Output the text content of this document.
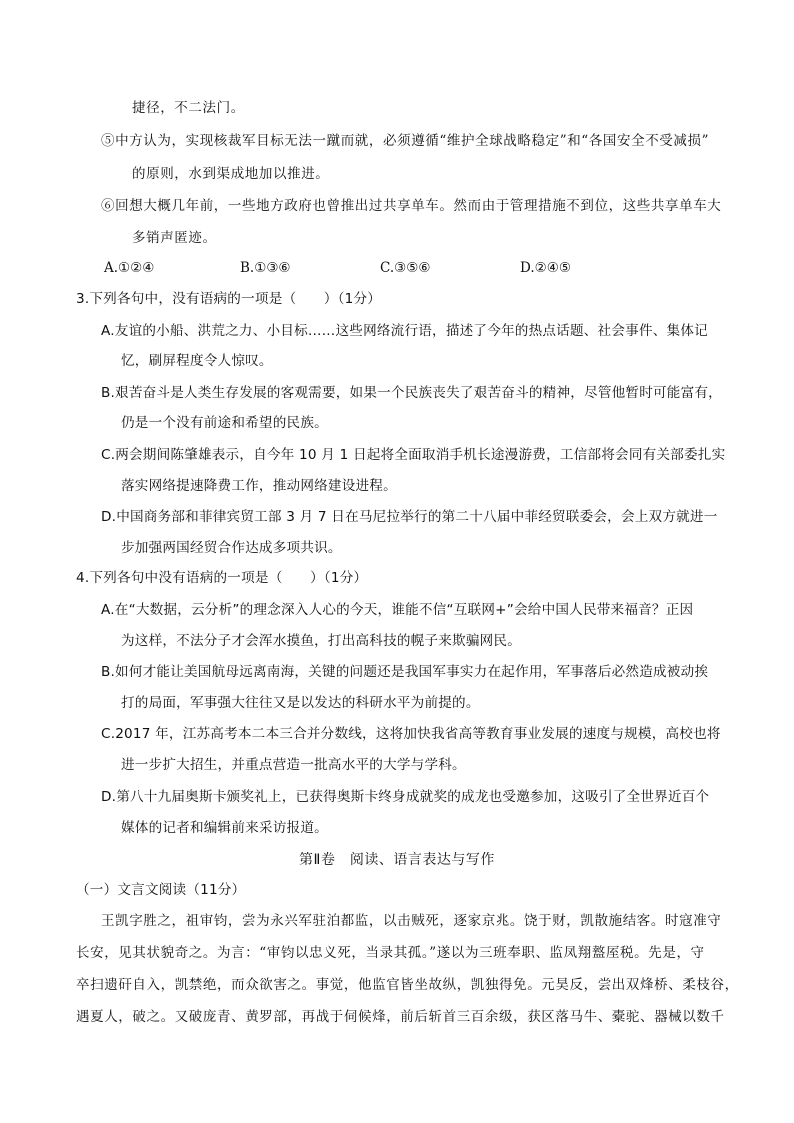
捷径，不二法门。
⑤中方认为，实现核裁军目标无法一蹴而就，必须遵循“维护全球战略稳定”和“各国安全不受减损”
的原则，水到渠成地加以推进。
⑥回想大概几年前，一些地方政府也曾推出过共享单车。然而由于管理措施不到位，这些共享单车大
多销声匿迹。
A.①②④	B.①③⑥	C.③⑤⑥	D.②④⑤
3.下列各句中，没有语病的一项是（　　）（1分）
A.友谊的小船、洪荒之力、小目标……这些网络流行语，描述了今年的热点话题、社会事件、集体记
忆，刷屏程度令人惊叹。
B.艰苦奋斗是人类生存发展的客观需要，如果一个民族丧失了艰苦奋斗的精神，尽管他暂时可能富有，
仍是一个没有前途和希望的民族。
C.两会期间陈肇雄表示，自今年 10 月 1 日起将全面取消手机长途漫游费，工信部将会同有关部委扎实
落实网络提速降费工作，推动网络建设进程。
D.中国商务部和菲律宾贸工部 3 月 7 日在马尼拉举行的第二十八届中菲经贸联委会，会上双方就进一
步加强两国经贸合作达成多项共识。
4.下列各句中没有语病的一项是（　　）（1分）
A.在“大数据，云分析”的理念深入人心的今天，谁能不信“互联网+”会给中国人民带来福音？正因
为这样，不法分子才会浑水摸鱼，打出高科技的幌子来欺骗网民。
B.如何才能让美国航母远离南海，关键的问题还是我国军事实力在起作用，军事落后必然造成被动挨
打的局面，军事强大往往又是以发达的科研水平为前提的。
C.2017 年，江苏高考本二本三合并分数线，这将加快我省高等教育事业发展的速度与规模，高校也将
进一步扩大招生，并重点营造一批高水平的大学与学科。
D.第八十九届奥斯卡颁奖礼上，已获得奥斯卡终身成就奖的成龙也受邀参加，这吸引了全世界近百个
媒体的记者和编辑前来采访报道。
第Ⅱ卷　阅读、语言表达与写作
（一）文言文阅读（11分）
王凯字胜之，祖审钧，尝为永兴军驻泊都监，以击贼死，逐家京兆。饶于财，凯散施结客。时寇准守
长安，见其状貌奇之。为言：“审钧以忠义死，当录其孤。”遂以为三班奉职、监凤翔盩厔税。先是，守
卒扫遗矸自入，凯禁绝，而众欲害之。事觉，他监官皆坐故纵，凯独得免。元昊反，尝出双烽桥、柔枝谷，
遇夏人，破之。又破庞青、黄罗部，再战于伺候烽，前后斩首三百余级，获区落马牛、橐驼、器械以数千
